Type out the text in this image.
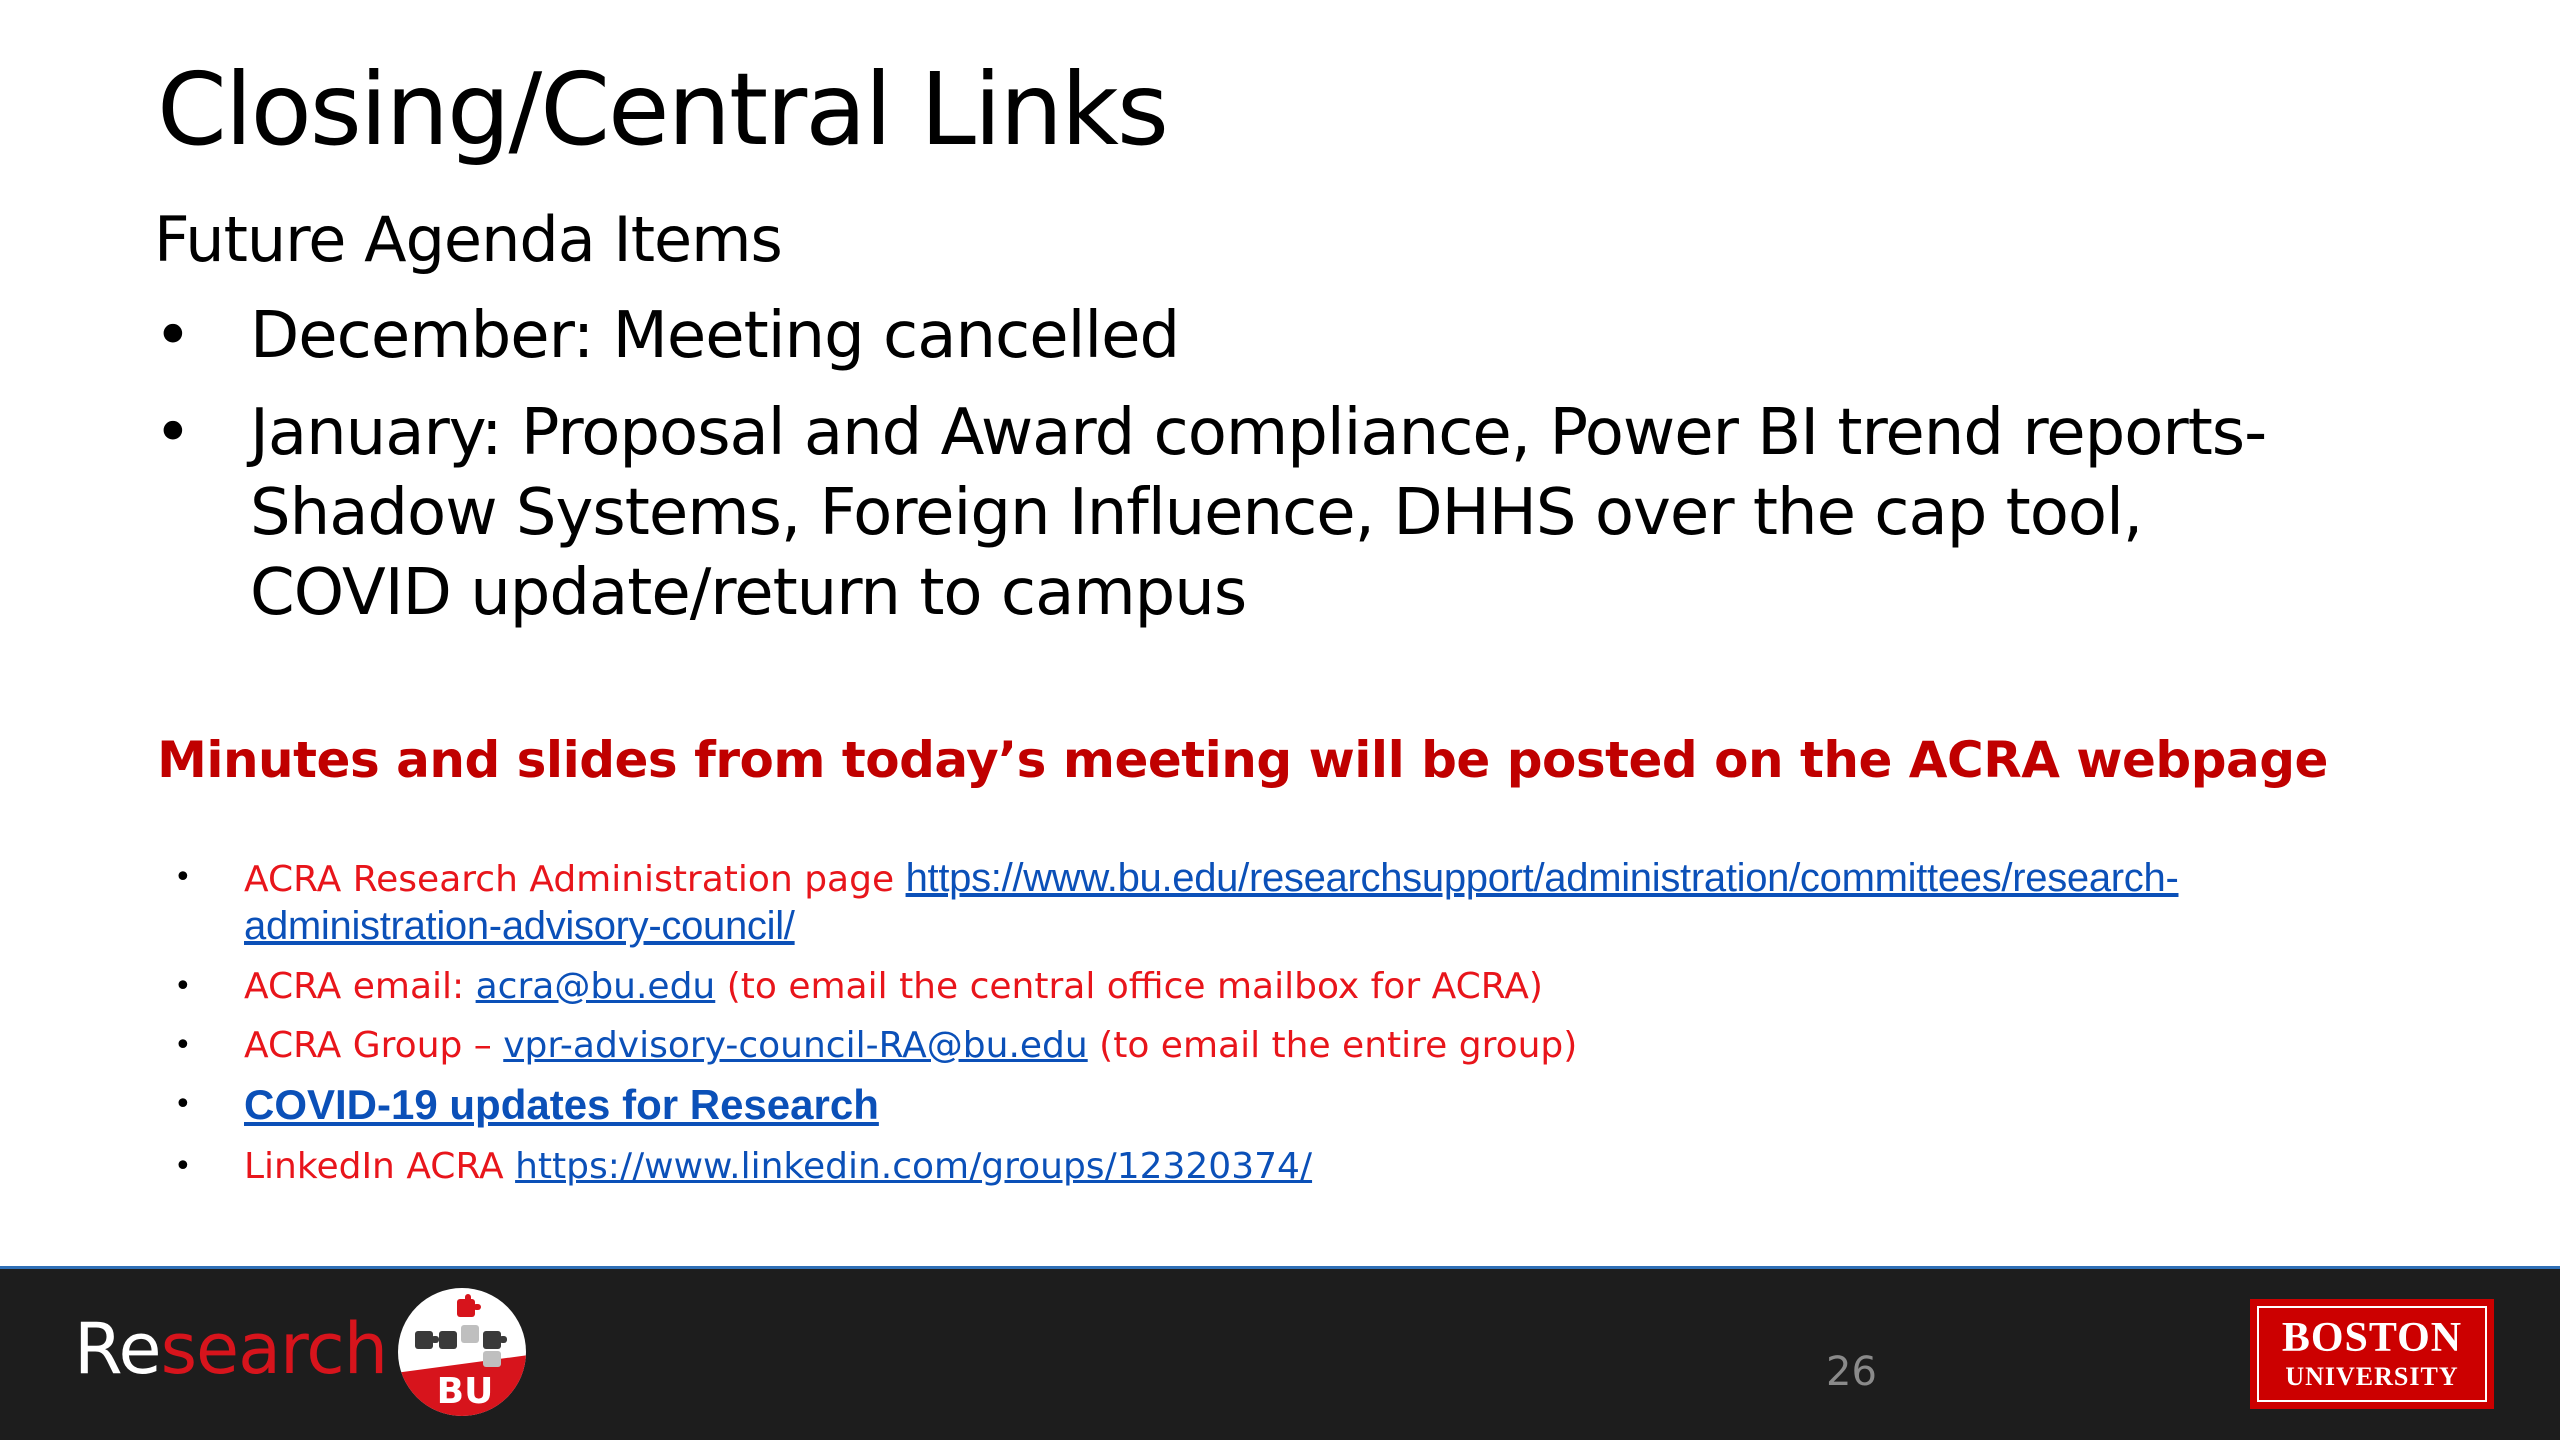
Closing/Central Links
Future Agenda Items
• December: Meeting cancelled
• January: Proposal and Award compliance, Power BI trend reports- Shadow Systems, Foreign Influence, DHHS over the cap tool, COVID update/return to campus
Minutes and slides from today’s meeting will be posted on the ACRA webpage
• ACRA Research Administration page https://www.bu.edu/researchsupport/administration/committees/research-administration-advisory-council/
• ACRA email: acra@bu.edu (to email the central office mailbox for ACRA)
• ACRA Group – vpr-advisory-council-RA@bu.edu (to email the entire group)
• COVID-19 updates for Research
• LinkedIn ACRA https://www.linkedin.com/groups/12320374/
Research
BU	26
BOSTON
UNIVERSITY
